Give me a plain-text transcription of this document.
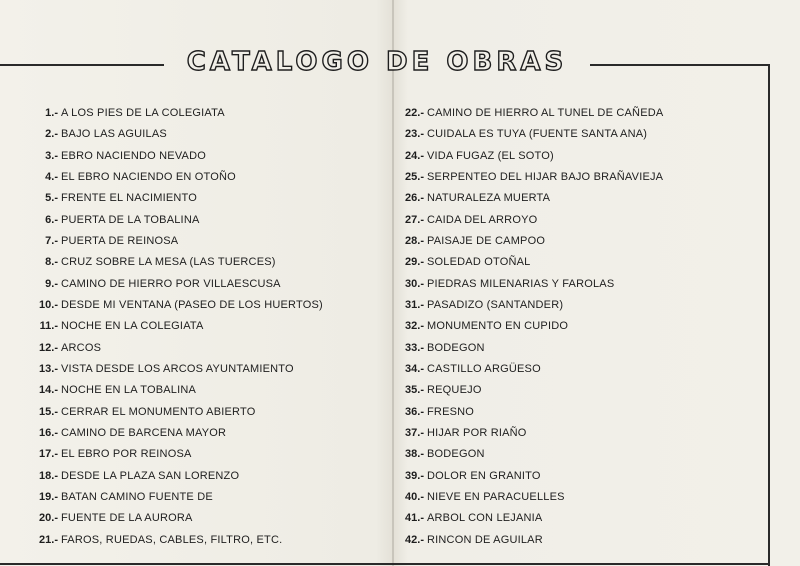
CATALOGO DE OBRAS
1.- A LOS PIES DE LA COLEGIATA
2.- BAJO LAS AGUILAS
3.- EBRO NACIENDO NEVADO
4.- EL EBRO NACIENDO EN OTOÑO
5.- FRENTE EL NACIMIENTO
6.- PUERTA DE LA TOBALINA
7.- PUERTA DE REINOSA
8.- CRUZ SOBRE LA MESA (LAS TUERCES)
9.- CAMINO DE HIERRO POR VILLAESCUSA
10.- DESDE MI VENTANA (PASEO DE LOS HUERTOS)
11.- NOCHE EN LA COLEGIATA
12.- ARCOS
13.- VISTA DESDE LOS ARCOS AYUNTAMIENTO
14.- NOCHE EN LA TOBALINA
15.- CERRAR EL MONUMENTO ABIERTO
16.- CAMINO DE BARCENA MAYOR
17.- EL EBRO POR REINOSA
18.- DESDE LA PLAZA SAN LORENZO
19.- BATAN CAMINO FUENTE DE
20.- FUENTE DE LA AURORA
21.- FAROS, RUEDAS, CABLES, FILTRO, ETC.
22.- CAMINO DE HIERRO AL TUNEL DE CAÑEDA
23.- CUIDALA ES TUYA (FUENTE SANTA ANA)
24.- VIDA FUGAZ (EL SOTO)
25.- SERPENTEO DEL HIJAR BAJO BRAÑAVIEJA
26.- NATURALEZA MUERTA
27.- CAIDA DEL ARROYO
28.- PAISAJE DE CAMPOO
29.- SOLEDAD OTOÑAL
30.- PIEDRAS MILENARIAS Y FAROLAS
31.- PASADIZO (SANTANDER)
32.- MONUMENTO EN CUPIDO
33.- BODEGON
34.- CASTILLO ARGÜESO
35.- REQUEJO
36.- FRESNO
37.- HIJAR POR RIAÑO
38.- BODEGON
39.- DOLOR EN GRANITO
40.- NIEVE EN PARACUELLES
41.- ARBOL CON LEJANIA
42.- RINCON DE AGUILAR
